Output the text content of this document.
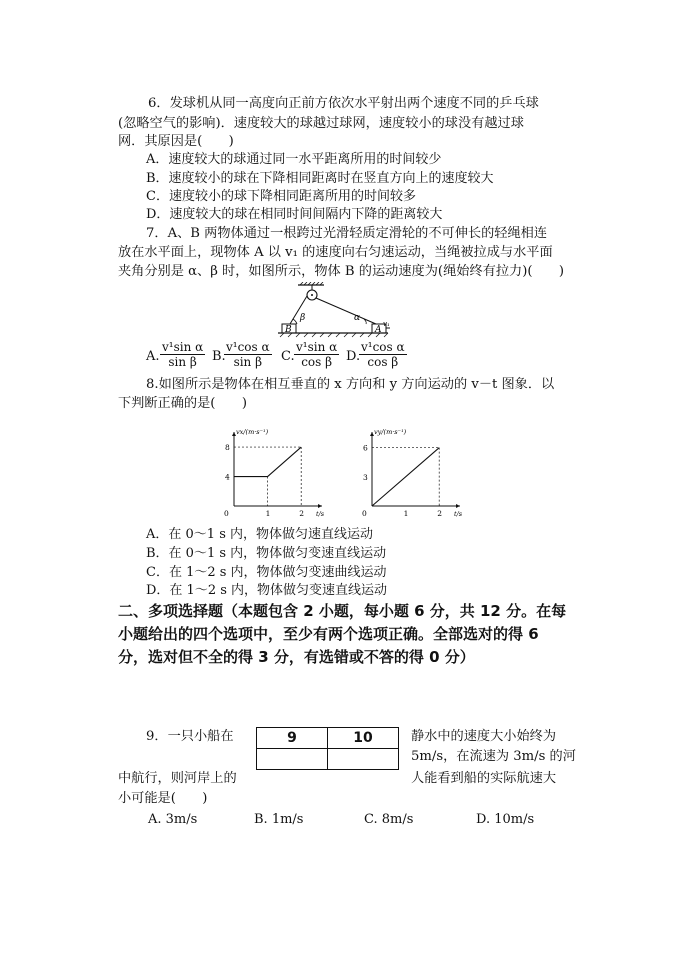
6．发球机从同一高度向正前方依次水平射出两个速度不同的乒乓球
(忽略空气的影响)．速度较大的球越过球网，速度较小的球没有越过球
网．其原因是(　　)
A．速度较大的球通过同一水平距离所用的时间较少
B．速度较小的球在下降相同距离时在竖直方向上的速度较大
C．速度较小的球下降相同距离所用的时间较多
D．速度较大的球在相同时间间隔内下降的距离较大
7．A、B 两物体通过一根跨过光滑轻质定滑轮的不可伸长的轻绳相连
放在水平面上，现物体 A 以 v₁ 的速度向右匀速运动，当绳被拉成与水平面
夹角分别是 α、β 时，如图所示，物体 B 的运动速度为(绳始终有拉力)(　　)
B	A
β	α
v₁
A. $\frac{\text{v¹sin α}}{\text{sin β}} B$.
$\frac{\text{v¹cos α}}{\text{sin β}} C$. $\frac{\text{v¹sin α}}{\text{cos β}} D$.
$\frac{\text{v¹cos α}}{\text{cos β}}$
8.如图所示是物体在相互垂直的 x 方向和 y 方向运动的 v－t 图象．以
下判断正确的是(　　)
vx/(m·s⁻¹)
t/s
0	1	2
4
8
vy/(m·s⁻¹)
t/s
0	1	2
3
6
A．在 0～1 s 内，物体做匀速直线运动
B．在 0～1 s 内，物体做匀变速直线运动
C．在 1～2 s 内，物体做匀变速曲线运动
D．在 1～2 s 内，物体做匀变速直线运动
二、多项选择题（本题包含 2 小题，每小题 6 分，共 12 分。在每
小题给出的四个选项中，至少有两个选项正确。全部选对的得 6
分，选对但不全的得 3 分，有选错或不答的得 0 分）
9．一只小船在	9	10
		静水中的速度大小始终为
5m/s，在流速为 3m/s 的河
中航行，则河岸上的	人能看到船的实际航速大
小可能是(　　)
A. 3m/s	B. 1m/s	C. 8m/s	D. 10m/s
